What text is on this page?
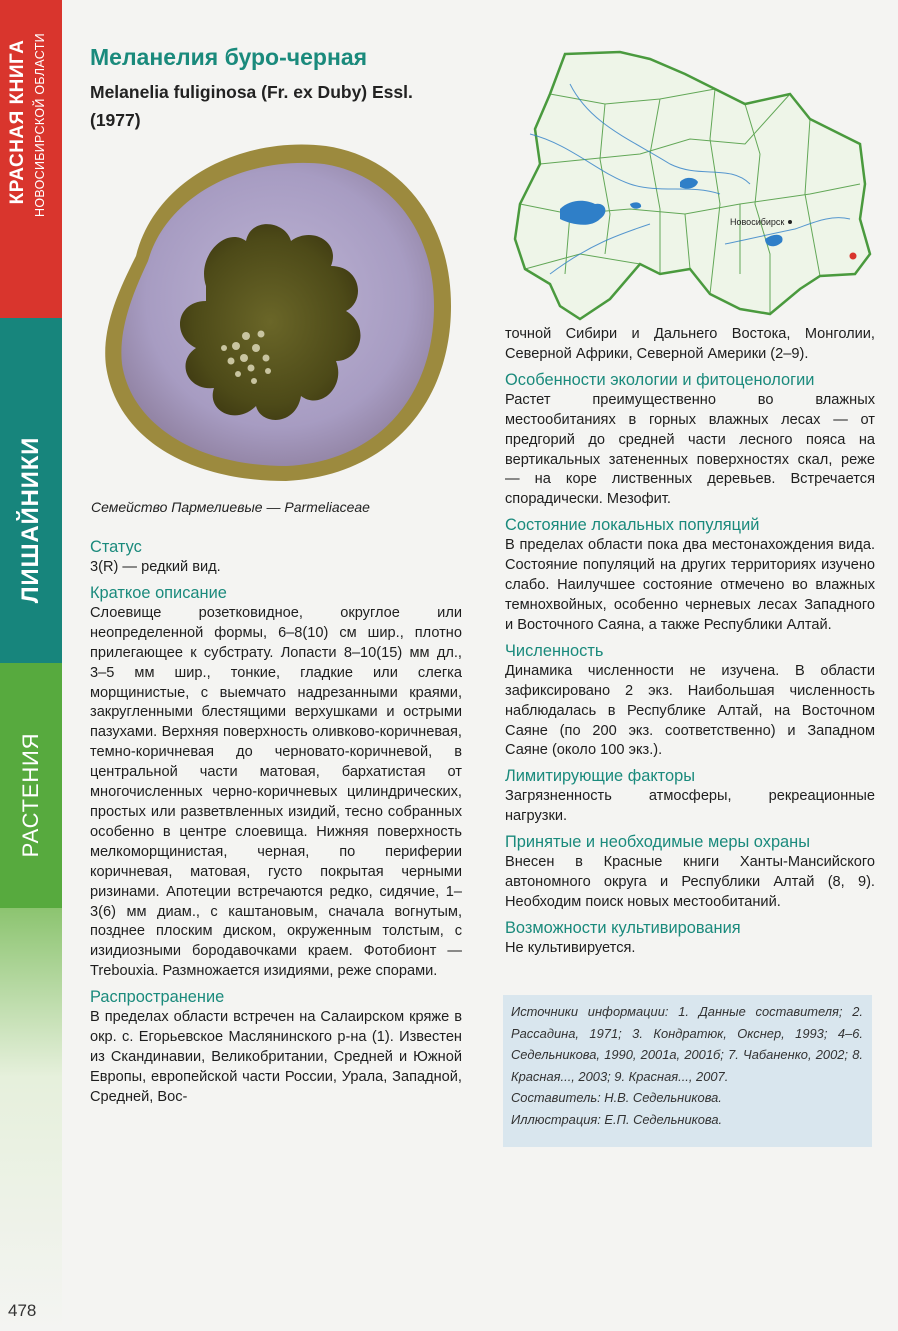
КРАСНАЯ КНИГА НОВОСИБИРСКОЙ ОБЛАСТИ
ЛИШАЙНИКИ
РАСТЕНИЯ
478
Меланелия буро-черная
Melanelia fuliginosa (Fr. ex Duby) Essl. (1977)
Семейство Пармелиевые — Parmeliaceae
Статус

3(R) — редкий вид.

Краткое описание

Слоевище розетковидное, округлое или неопределенной формы, 6–8(10) см шир., плотно прилегающее к субстрату. Лопасти 8–10(15) мм дл., 3–5 мм шир., тонкие, гладкие или слегка морщинистые, с выемчато надрезанными краями, закругленными блестящими верхушками и острыми пазухами. Верхняя поверхность оливково-коричневая, темно-коричневая до черновато-коричневой, в центральной части матовая, бархатистая от многочисленных черно-коричневых цилиндрических, простых или разветвленных изидий, тесно собранных особенно в центре слоевища. Нижняя поверхность мелкоморщинистая, черная, по периферии коричневая, матовая, густо покрытая черными ризинами. Апотеции встречаются редко, сидячие, 1–3(6) мм диам., с каштановым, сначала вогнутым, позднее плоским диском, окруженным толстым, с изидиозными бородавочками краем. Фотобионт — Trebouxia. Размножается изидиями, реже спорами.

Распространение

В пределах области встречен на Салаирском кряже в окр. с. Егорьевское Маслянинского р-на (1). Известен из Скандинавии, Великобритании, Средней и Южной Европы, европейской части России, Урала, Западной, Средней, Вос-

Новосибирск

точной Сибири и Дальнего Востока, Монголии, Северной Африки, Северной Америки (2–9).

Особенности экологии и фитоценологии

Растет преимущественно во влажных местообитаниях в горных влажных лесах — от предгорий до средней части лесного пояса на вертикальных затененных поверхностях скал, реже — на коре лиственных деревьев. Встречается спорадически. Мезофит.

Состояние локальных популяций

В пределах области пока два местонахождения вида. Состояние популяций на других территориях изучено слабо. Наилучшее состояние отмечено во влажных темнохвойных, особенно черневых лесах Западного и Восточного Саяна, а также Республики Алтай.

Численность

Динамика численности не изучена. В области зафиксировано 2 экз. Наибольшая численность наблюдалась в Республике Алтай, на Восточном Саяне (по 200 экз. соответственно) и Западном Саяне (около 100 экз.).

Лимитирующие факторы

Загрязненность атмосферы, рекреационные нагрузки.

Принятые и необходимые меры охраны

Внесен в Красные книги Ханты-Мансийского автономного округа и Республики Алтай (8, 9). Необходим поиск новых местообитаний.

Возможности культивирования

Не культивируется.

Источники информации: 1. Данные составителя; 2. Рассадина, 1971; 3. Кондратюк, Окснер, 1993; 4–6. Седельникова, 1990, 2001а, 2001б; 7. Чабаненко, 2002; 8. Красная..., 2003; 9. Красная..., 2007.

Составитель: Н.В. Седельникова.

Иллюстрация: Е.П. Седельникова.
